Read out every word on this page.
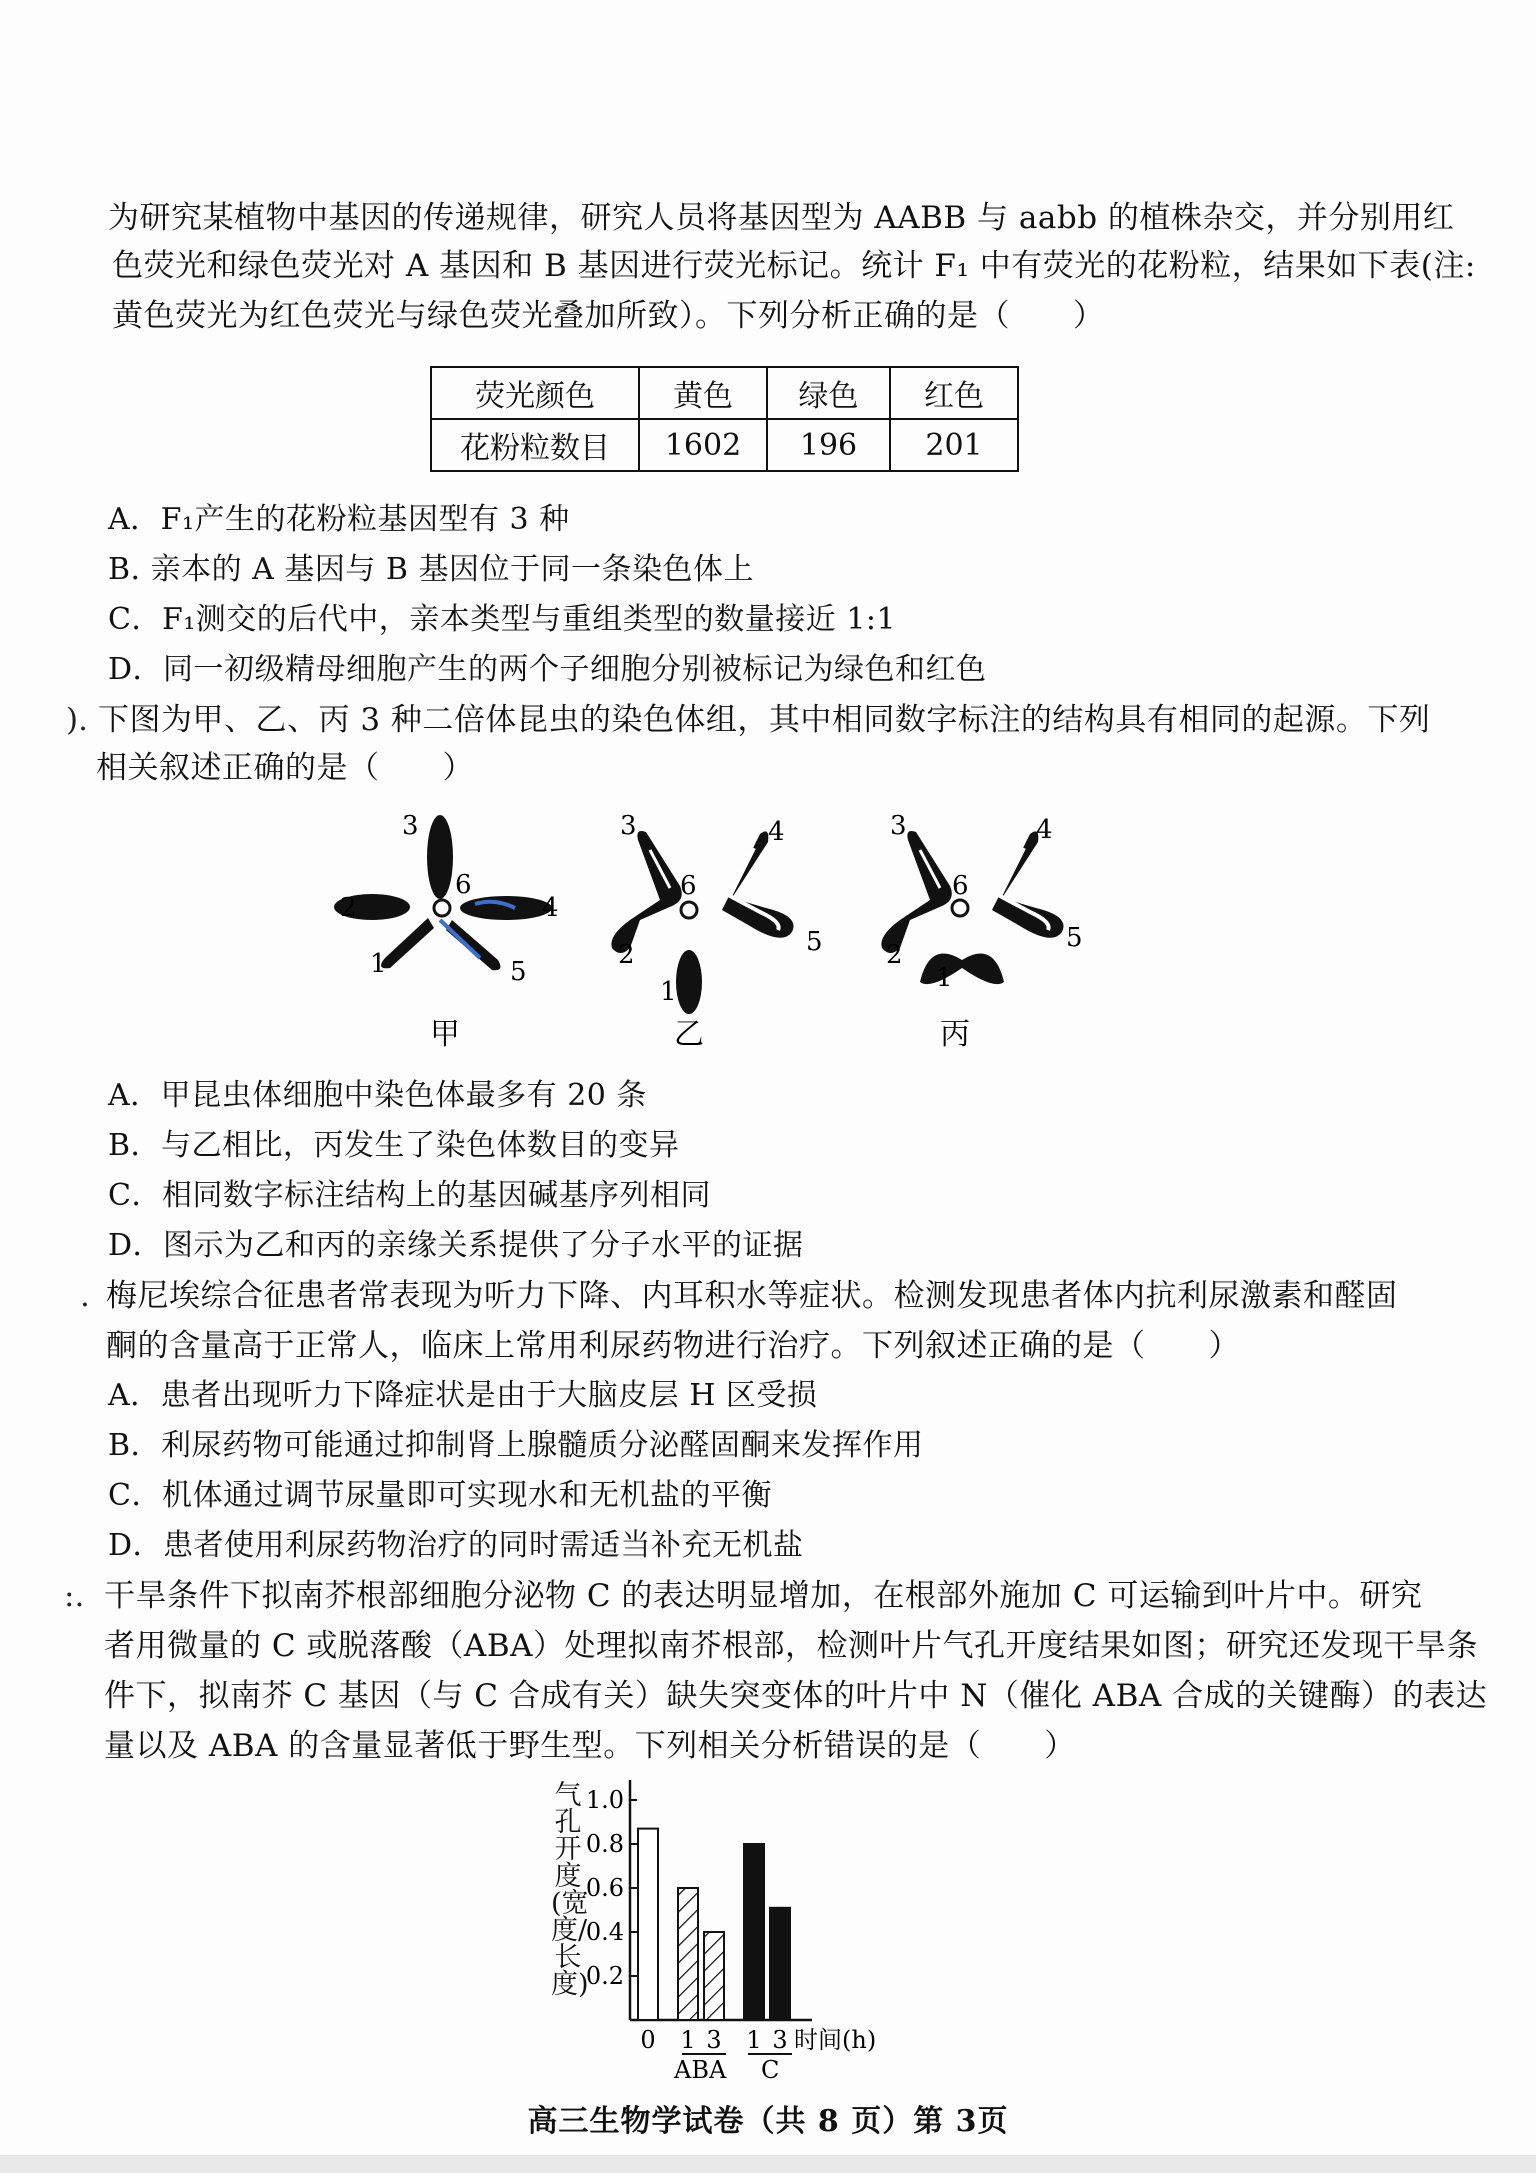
为研究某植物中基因的传递规律，研究人员将基因型为 AABB 与 aabb 的植株杂交，并分别用红
色荧光和绿色荧光对 A 基因和 B 基因进行荧光标记。统计 F₁ 中有荧光的花粉粒，结果如下表(注:
黄色荧光为红色荧光与绿色荧光叠加所致）。下列分析正确的是（　　）
荧光颜色	黄色	绿色	红色
花粉粒数目	1602	196	201
A．F₁产生的花粉粒基因型有 3 种
B. 亲本的 A 基因与 B 基因位于同一条染色体上
C．F₁测交的后代中，亲本类型与重组类型的数量接近 1:1
D．同一初级精母细胞产生的两个子细胞分别被标记为绿色和红色
). 下图为甲、乙、丙 3 种二倍体昆虫的染色体组，其中相同数字标注的结构具有相同的起源。下列
相关叙述正确的是（　　）
3
6
2	4
1	5
甲
3
6
4
2	5
1
乙
3
6
4
2
5
1
丙
A．甲昆虫体细胞中染色体最多有 20 条
B．与乙相比，丙发生了染色体数目的变异
C．相同数字标注结构上的基因碱基序列相同
D．图示为乙和丙的亲缘关系提供了分子水平的证据
. 梅尼埃综合征患者常表现为听力下降、内耳积水等症状。检测发现患者体内抗利尿激素和醛固
酮的含量高于正常人，临床上常用利尿药物进行治疗。下列叙述正确的是（　　）
A．患者出现听力下降症状是由于大脑皮层 H 区受损
B．利尿药物可能通过抑制肾上腺髓质分泌醛固酮来发挥作用
C．机体通过调节尿量即可实现水和无机盐的平衡
D．患者使用利尿药物治疗的同时需适当补充无机盐
:. 干旱条件下拟南芥根部细胞分泌物 C 的表达明显增加，在根部外施加 C 可运输到叶片中。研究
者用微量的 C 或脱落酸（ABA）处理拟南芥根部，检测叶片气孔开度结果如图；研究还发现干旱条
件下，拟南芥 C 基因（与 C 合成有关）缺失突变体的叶片中 N（催化 ABA 合成的关键酶）的表达
量以及 ABA 的含量显著低于野生型。下列相关分析错误的是（　　）
气孔开度(宽度/长度)
0.2
0.4
0.6
0.8
1.0
0 1 3 1 3 时间(h)
ABA C
高三生物学试卷（共 8 页）第 3页
